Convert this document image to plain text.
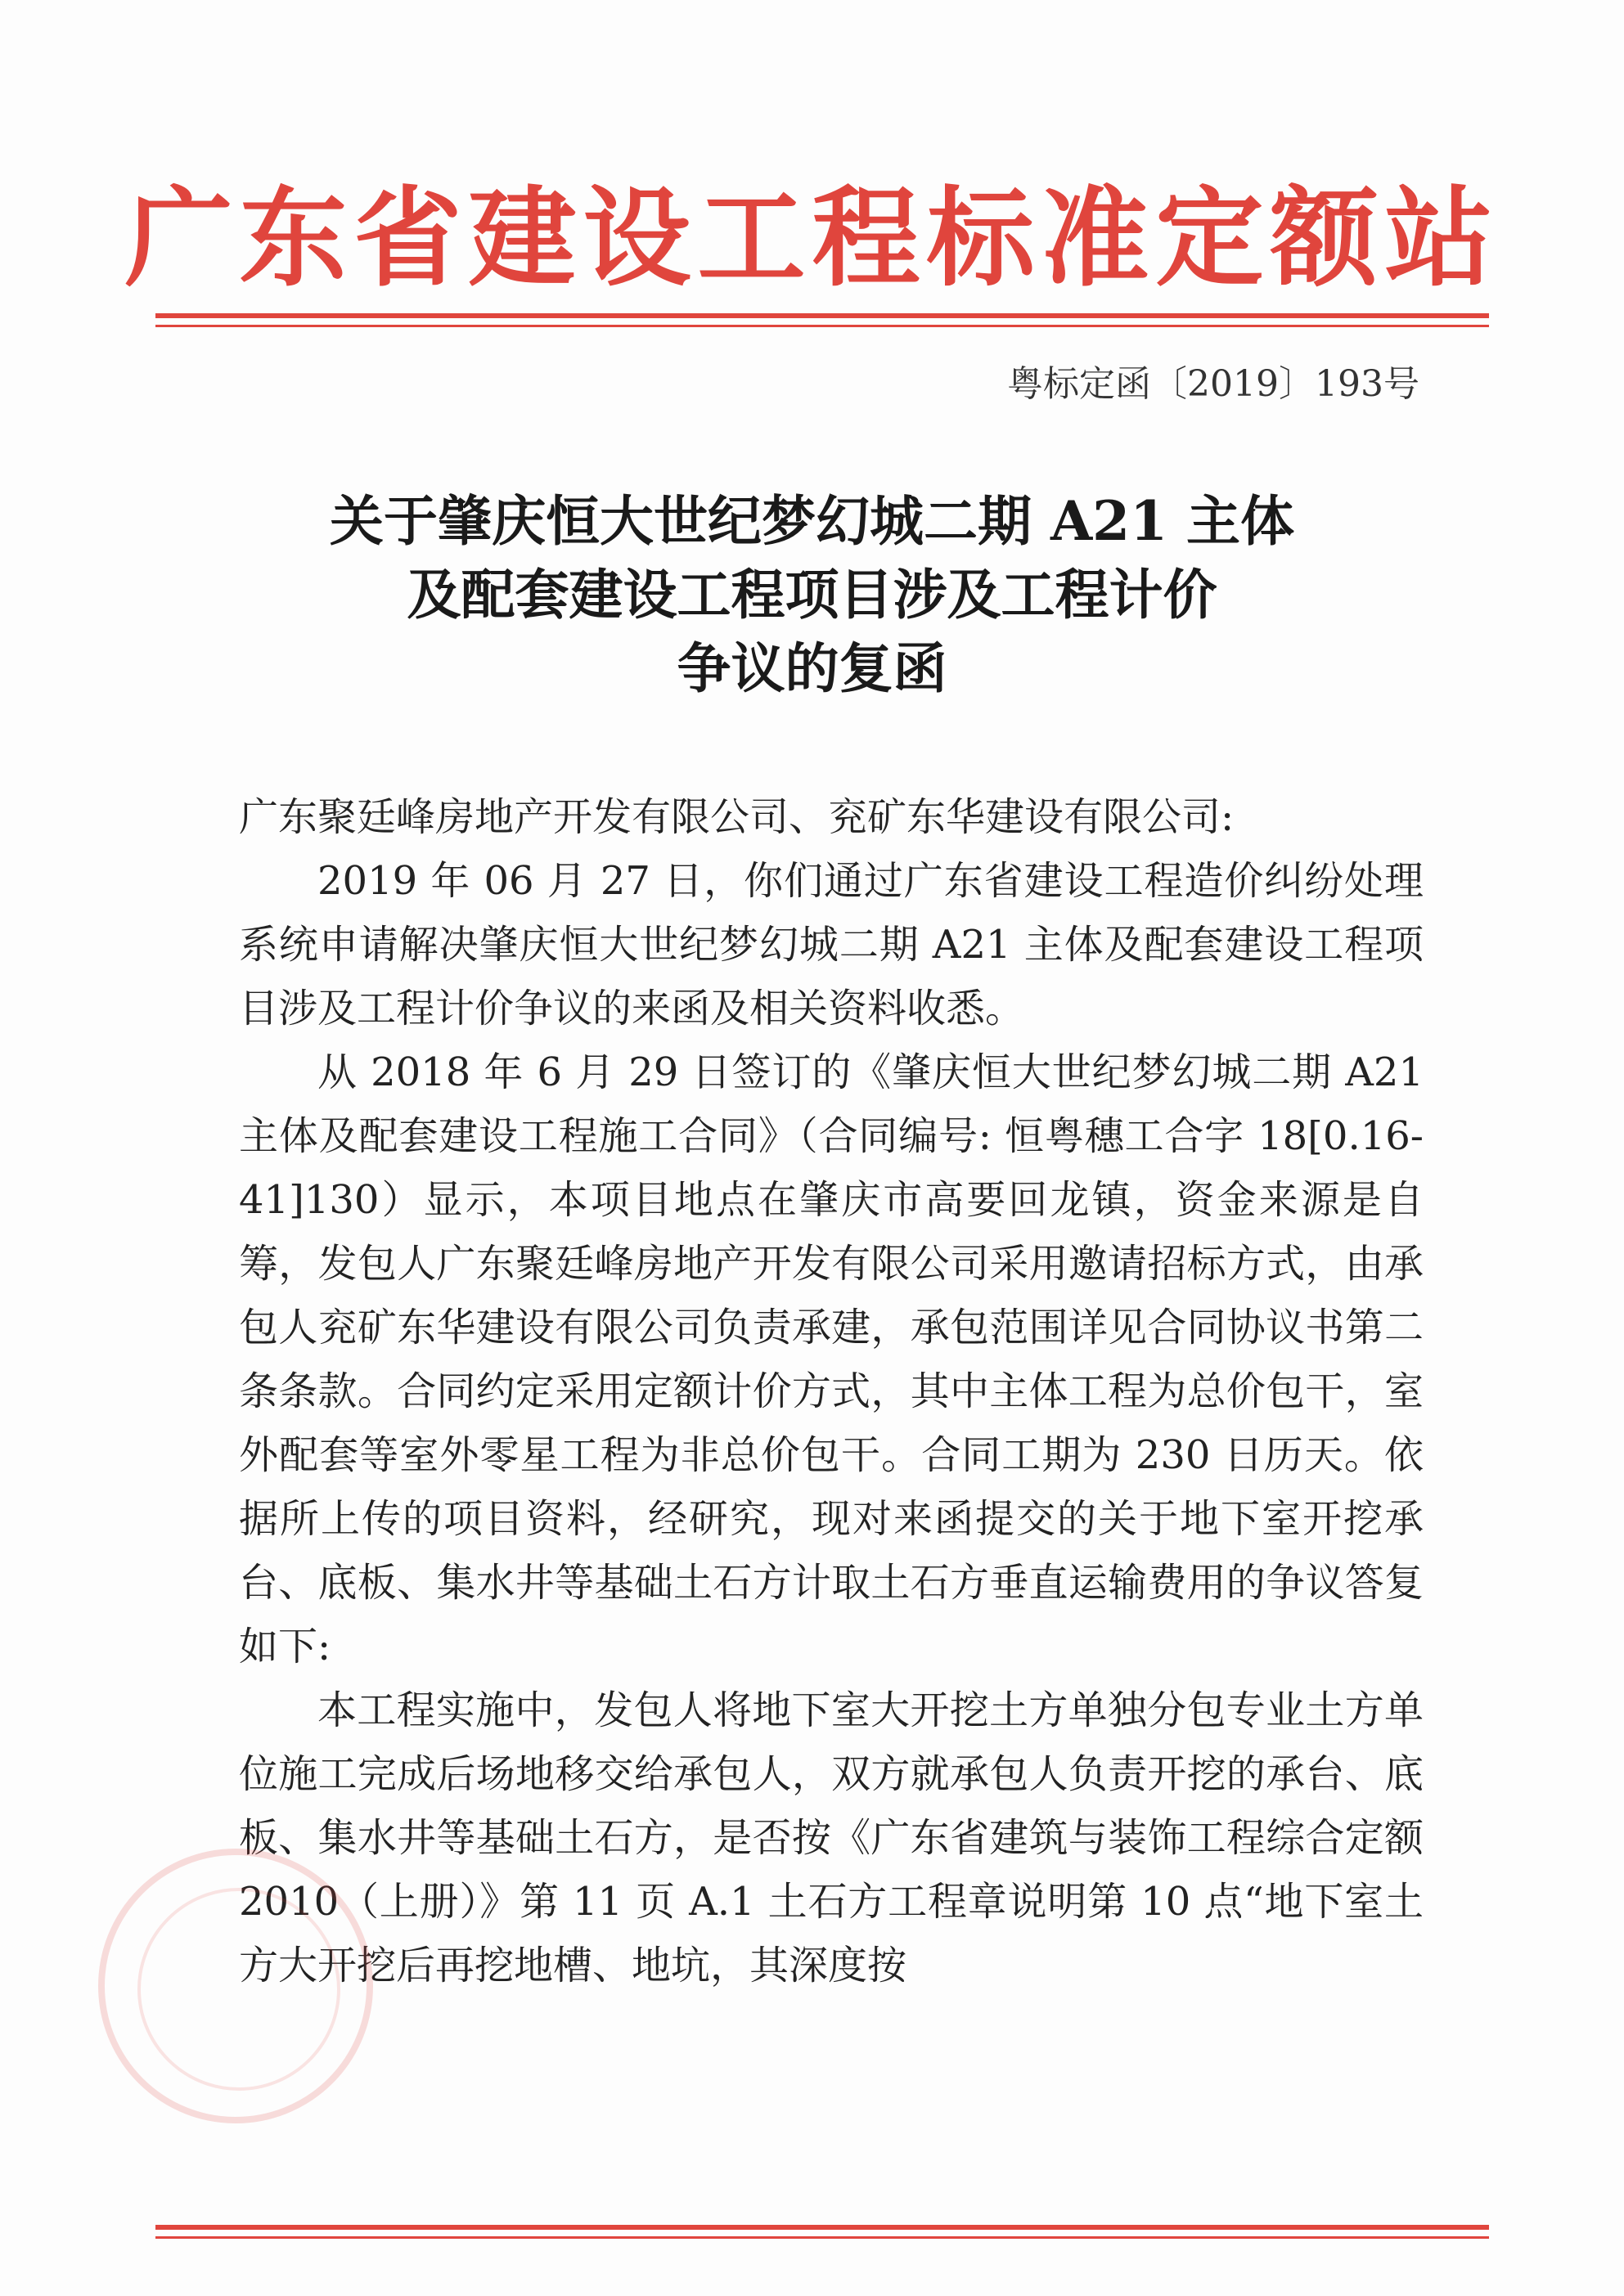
广东省建设工程标准定额站
粤标定函〔2019〕193号
关于肇庆恒大世纪梦幻城二期 A21 主体
及配套建设工程项目涉及工程计价
争议的复函

广东聚廷峰房地产开发有限公司、兖矿东华建设有限公司:

2019 年 06 月 27 日，你们通过广东省建设工程造价纠纷处理系统申请解决肇庆恒大世纪梦幻城二期 A21 主体及配套建设工程项目涉及工程计价争议的来函及相关资料收悉。

从 2018 年 6 月 29 日签订的《肇庆恒大世纪梦幻城二期 A21 主体及配套建设工程施工合同》（合同编号: 恒粤穗工合字 18[0.16-41]130）显示，本项目地点在肇庆市高要回龙镇，资金来源是自筹，发包人广东聚廷峰房地产开发有限公司采用邀请招标方式，由承包人兖矿东华建设有限公司负责承建，承包范围详见合同协议书第二条条款。合同约定采用定额计价方式，其中主体工程为总价包干，室外配套等室外零星工程为非总价包干。合同工期为 230 日历天。依据所上传的项目资料，经研究，现对来函提交的关于地下室开挖承台、底板、集水井等基础土石方计取土石方垂直运输费用的争议答复如下:

本工程实施中，发包人将地下室大开挖土方单独分包专业土方单位施工完成后场地移交给承包人，双方就承包人负责开挖的承台、底板、集水井等基础土石方，是否按《广东省建筑与装饰工程综合定额 2010（上册）》第 11 页 A.1 土石方工程章说明第 10 点“地下室土方大开挖后再挖地槽、地坑，其深度按
